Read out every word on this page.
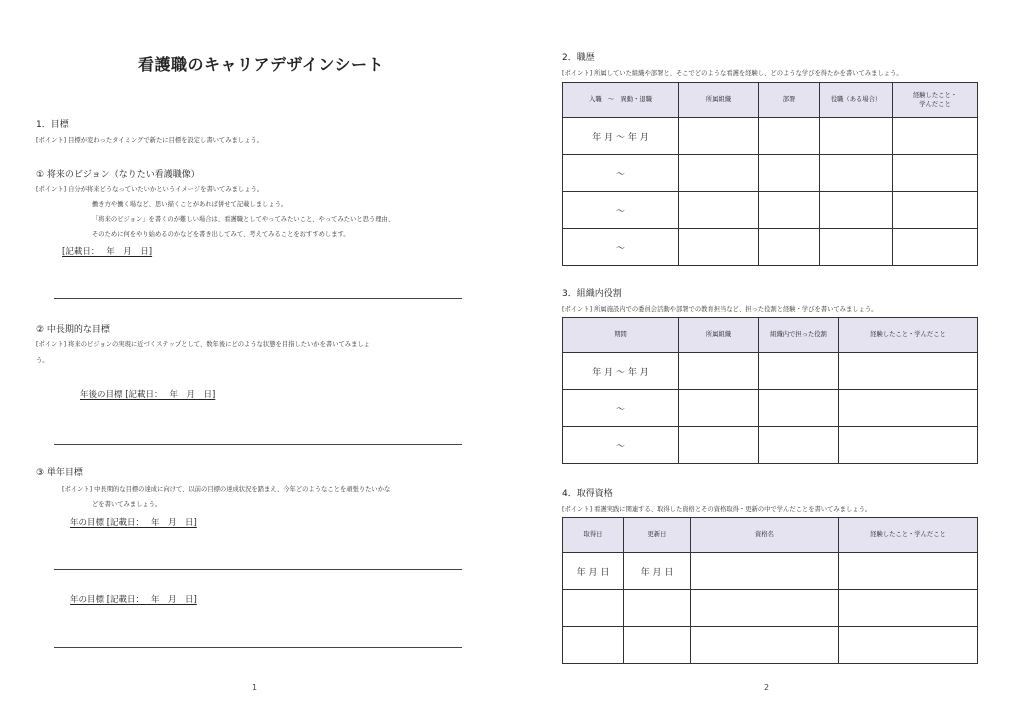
看護職のキャリアデザインシート
1．目標
[ポイント] 目標が変わったタイミングで新たに目標を設定し書いてみましょう。
① 将来のビジョン（なりたい看護職像）
[ポイント] 自分が将来どうなっていたいかというイメージを書いてみましょう。
働き方や働く場など、思い描くことがあれば併せて記載しましょう。
「将来のビジョン」を書くのが難しい場合は、看護職としてやってみたいこと、やってみたいと思う理由、
そのために何をやり始めるのかなどを書き出してみて、考えてみることをおすすめします。
[記載日：　 年　月　日]
② 中長期的な目標
[ポイント] 将来のビジョンの実現に近づくステップとして、数年後にどのような状態を目指したいかを書いてみましょ
う。
年後の目標 [記載日：　 年　月　日]
③ 単年目標
[ポイント] 中長期的な目標の達成に向けて、以前の目標の達成状況を踏まえ、今年どのようなことを頑張りたいかな
どを書いてみましょう。
年の目標 [記載日：　 年　月　日]
年の目標 [記載日：　 年　月　日]
1
2．職歴
[ポイント] 所属していた組織や部署と、そこでどのような看護を経験し、どのような学びを得たかを書いてみましょう。
入職　～　異動・退職	所属組織	部署	役職（ある場合）	経験したこと・
学んだこと
年 月 ～ 年 月				
～				
～				
～				
3．組織内役割
[ポイント] 所属施設内での委員会活動や部署での教育担当など、担った役割と経験・学びを書いてみましょう。
期間	所属組織	組織内で担った役割	経験したこと・学んだこと
年 月 ～ 年 月			
～			
～			
4．取得資格
[ポイント] 看護実践に関連する、取得した資格とその資格取得・更新の中で学んだことを書いてみましょう。
取得日	更新日	資格名	経験したこと・学んだこと
年 月 日	年 月 日		

2
